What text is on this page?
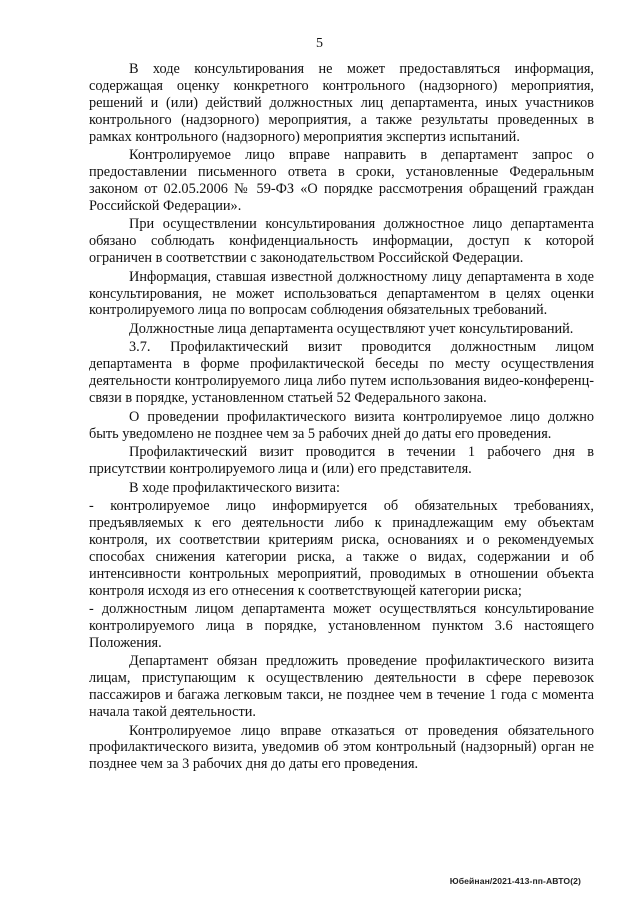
5

В ходе консультирования не может предоставляться информация, содержащая оценку конкретного контрольного (надзорного) мероприятия, решений и (или) действий должностных лиц департамента, иных участников контрольного (надзорного) мероприятия, а также результаты проведенных в рамках контрольного (надзорного) мероприятия экспертиз испытаний.

Контролируемое лицо вправе направить в департамент запрос о предоставлении письменного ответа в сроки, установленные Федеральным законом от 02.05.2006 № 59-ФЗ «О порядке рассмотрения обращений граждан Российской Федерации».

При осуществлении консультирования должностное лицо департамента обязано соблюдать конфиденциальность информации, доступ к которой ограничен в соответствии с законодательством Российской Федерации.

Информация, ставшая известной должностному лицу департамента в ходе консультирования, не может использоваться департаментом в целях оценки контролируемого лица по вопросам соблюдения обязательных требований.

Должностные лица департамента осуществляют учет консультирований.

3.7. Профилактический визит проводится должностным лицом департамента в форме профилактической беседы по месту осуществления деятельности контролируемого лица либо путем использования видео-конференц-связи в порядке, установленном статьей 52 Федерального закона.

О проведении профилактического визита контролируемое лицо должно быть уведомлено не позднее чем за 5 рабочих дней до даты его проведения.

Профилактический визит проводится в течении 1 рабочего дня в присутствии контролируемого лица и (или) его представителя.

В ходе профилактического визита:

- контролируемое лицо информируется об обязательных требованиях, предъявляемых к его деятельности либо к принадлежащим ему объектам контроля, их соответствии критериям риска, основаниях и о рекомендуемых способах снижения категории риска, а также о видах, содержании и об интенсивности контрольных мероприятий, проводимых в отношении объекта контроля исходя из его отнесения к соответствующей категории риска;

- должностным лицом департамента может осуществляться консультирование контролируемого лица в порядке, установленном пунктом 3.6 настоящего Положения.

Департамент обязан предложить проведение профилактического визита лицам, приступающим к осуществлению деятельности в сфере перевозок пассажиров и багажа легковым такси, не позднее чем в течение 1 года с момента начала такой деятельности.

Контролируемое лицо вправе отказаться от проведения обязательного профилактического визита, уведомив об этом контрольный (надзорный) орган не позднее чем за 3 рабочих дня до даты его проведения.

Юбейнан/2021-413-пп-АВТО(2)
